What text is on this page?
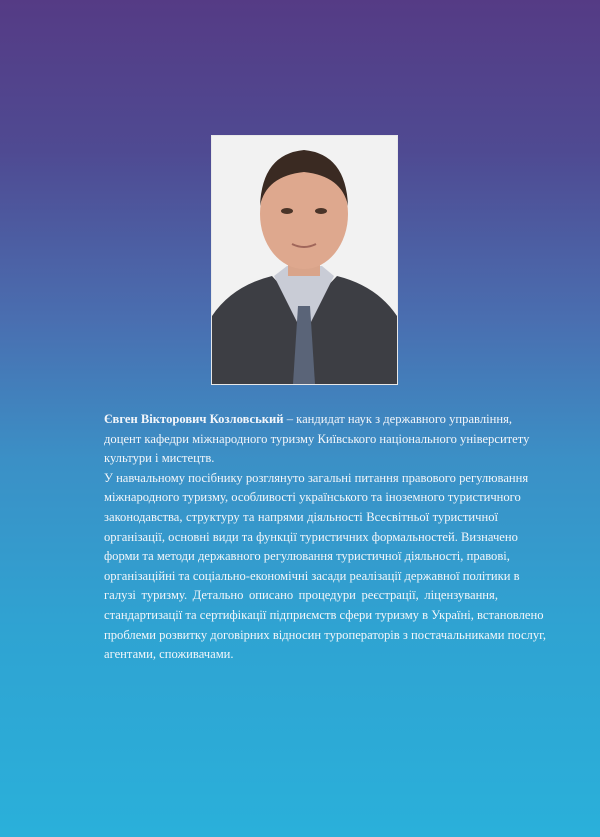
Євген Вікторович Козловський – кандидат наук з державного управління,
доцент кафедри міжнародного туризму Київського національного університету
культури і мистецтв.
У навчальному посібнику розглянуто загальні питання правового регулювання
міжнародного туризму, особливості українського та іноземного туристичного
законодавства, структуру та напрями діяльності Всесвітньої туристичної
організації, основні види та функції туристичних формальностей. Визначено
форми та методи державного регулювання туристичної діяльності, правові,
організаційні та соціально-економічні засади реалізації державної політики в
галузі туризму. Детально описано процедури реєстрації, ліцензування,
стандартизації та сертифікації підприємств сфери туризму в Україні, встановлено
проблеми розвитку договірних відносин туроператорів з постачальниками послуг,
агентами, споживачами.
